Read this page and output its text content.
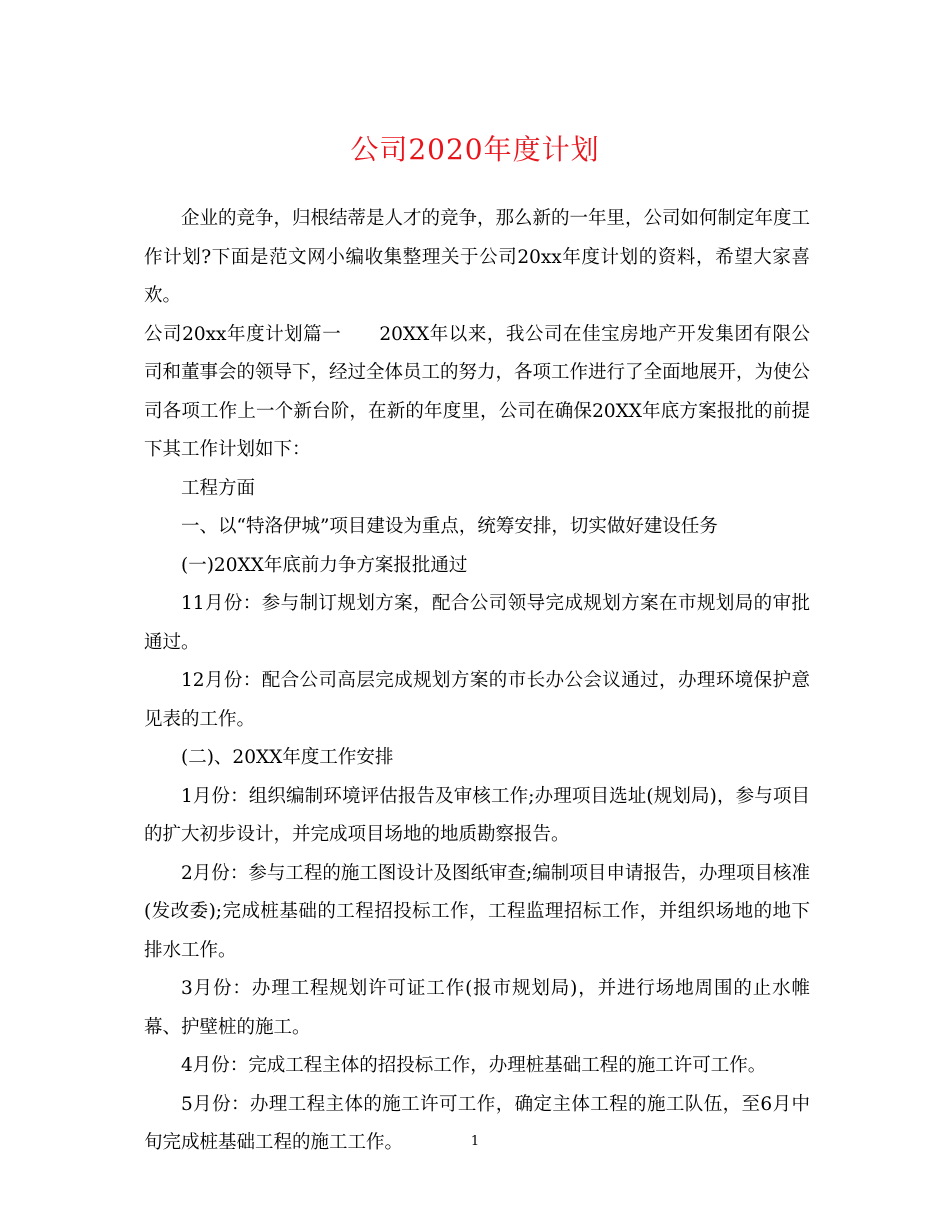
公司2020年度计划

企业的竞争，归根结蒂是人才的竞争，那么新的一年里，公司如何制定年度工作计划?下面是范文网小编收集整理关于公司20xx年度计划的资料，希望大家喜欢。

公司20xx年度计划篇一　　20XX年以来，我公司在佳宝房地产开发集团有限公司和董事会的领导下，经过全体员工的努力，各项工作进行了全面地展开，为使公司各项工作上一个新台阶，在新的年度里，公司在确保20XX年底方案报批的前提下其工作计划如下：

工程方面

一、以“特洛伊城”项目建设为重点，统筹安排，切实做好建设任务

(一)20XX年底前力争方案报批通过

11月份：参与制订规划方案，配合公司领导完成规划方案在市规划局的审批通过。

12月份：配合公司高层完成规划方案的市长办公会议通过，办理环境保护意见表的工作。

(二)、20XX年度工作安排

1月份：组织编制环境评估报告及审核工作;办理项目选址(规划局)，参与项目的扩大初步设计，并完成项目场地的地质勘察报告。

2月份：参与工程的施工图设计及图纸审查;编制项目申请报告，办理项目核准(发改委);完成桩基础的工程招投标工作，工程监理招标工作，并组织场地的地下排水工作。

3月份：办理工程规划许可证工作(报市规划局)，并进行场地周围的止水帷幕、护壁桩的施工。

4月份：完成工程主体的招投标工作，办理桩基础工程的施工许可工作。

5月份：办理工程主体的施工许可工作，确定主体工程的施工队伍，至6月中旬完成桩基础工程的施工工作。	1
